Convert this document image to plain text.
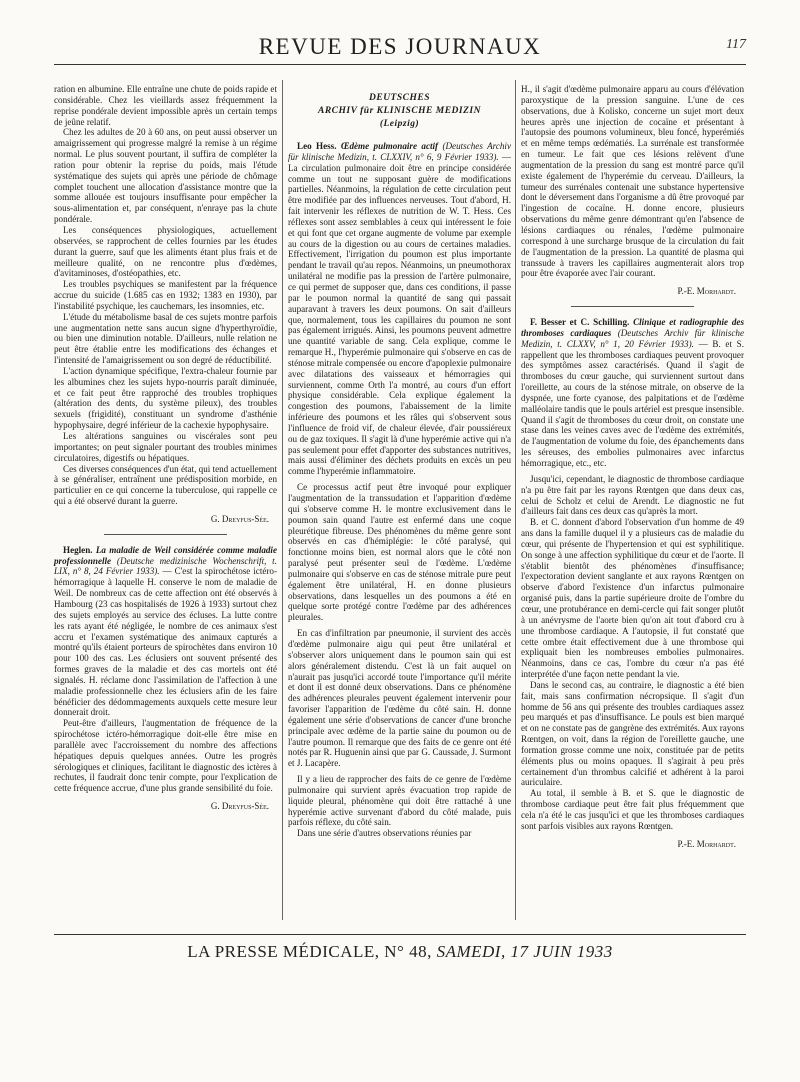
REVUE DES JOURNAUX	117

ration en albumine. Elle entraîne une chute de poids rapide et considérable. Chez les vieillards assez fréquemment la reprise pondérale devient impossible après un certain temps de jeûne relatif.

Chez les adultes de 20 à 60 ans, on peut aussi observer un amaigrissement qui progresse malgré la remise à un régime normal. Le plus souvent pourtant, il suffira de compléter la ration pour obtenir la reprise du poids, mais l'étude systématique des sujets qui après une période de chômage complet touchent une allocation d'assistance montre que la somme allouée est toujours insuffisante pour empêcher la sous-alimentation et, par conséquent, n'enraye pas la chute pondérale.

Les conséquences physiologiques, actuellement observées, se rapprochent de celles fournies par les études durant la guerre, sauf que les aliments étant plus frais et de meilleure qualité, on ne rencontre plus d'œdèmes, d'avitaminoses, d'ostéopathies, etc.

Les troubles psychiques se manifestent par la fréquence accrue du suicide (1.685 cas en 1932; 1383 en 1930), par l'instabilité psychique, les cauchemars, les insomnies, etc.

L'étude du métabolisme basal de ces sujets montre parfois une augmentation nette sans aucun signe d'hyperthyroïdie, ou bien une diminution notable. D'ailleurs, nulle relation ne peut être établie entre les modifications des échanges et l'intensité de l'amaigrissement ou son degré de réductibilité.

L'action dynamique spécifique, l'extra-chaleur fournie par les albumines chez les sujets hypo-nourris paraît diminuée, et ce fait peut être rapproché des troubles trophiques (altération des dents, du système pileux), des troubles sexuels (frigidité), constituant un syndrome d'asthénie hypophysaire, degré inférieur de la cachexie hypophysaire.

Les altérations sanguines ou viscérales sont peu importantes; on peut signaler pourtant des troubles minimes circulatoires, digestifs ou hépatiques.

Ces diverses conséquences d'un état, qui tend actuellement à se généraliser, entraînent une prédisposition morbide, en particulier en ce qui concerne la tuberculose, qui rappelle ce qui a été observé durant la guerre.

G. Dreyfus-Sée.

Heglen. La maladie de Weil considérée comme maladie professionnelle (Deutsche medizinische Wochenschrift, t. LIX, n° 8, 24 Février 1933). — C'est la spirochétose ictéro-hémorragique à laquelle H. conserve le nom de maladie de Weil. De nombreux cas de cette affection ont été observés à Hambourg (23 cas hospitalisés de 1926 à 1933) surtout chez des sujets employés au service des écluses. La lutte contre les rats ayant été négligée, le nombre de ces animaux s'est accru et l'examen systématique des animaux capturés a montré qu'ils étaient porteurs de spirochètes dans environ 10 pour 100 des cas. Les éclusiers ont souvent présenté des formes graves de la maladie et des cas mortels ont été signalés. H. réclame donc l'assimilation de l'affection à une maladie professionnelle chez les éclusiers afin de les faire bénéficier des dédommagements auxquels cette mesure leur donnerait droit.

Peut-être d'ailleurs, l'augmentation de fréquence de la spirochétose ictéro-hémorragique doit-elle être mise en parallèle avec l'accroissement du nombre des affections hépatiques depuis quelques années. Outre les progrès sérologiques et cliniques, facilitant le diagnostic des ictères à rechutes, il faudrait donc tenir compte, pour l'explication de cette fréquence accrue, d'une plus grande sensibilité du foie.

G. Dreyfus-Sée.
DEUTSCHES
ARCHIV für KLINISCHE MEDIZIN
(Leipzig)

Leo Hess. Œdème pulmonaire actif (Deutsches Archiv für klinische Medizin, t. CLXXIV, n° 6, 9 Février 1933). — La circulation pulmonaire doit être en principe considérée comme un tout ne supposant guère de modifications partielles. Néanmoins, la régulation de cette circulation peut être modifiée par des influences nerveuses. Tout d'abord, H. fait intervenir les réflexes de nutrition de W. T. Hess. Ces réflexes sont assez semblables à ceux qui intéressent le foie et qui font que cet organe augmente de volume par exemple au cours de la digestion ou au cours de certaines maladies. Effectivement, l'irrigation du poumon est plus importante pendant le travail qu'au repos. Néanmoins, un pneumothorax unilatéral ne modifie pas la pression de l'artère pulmonaire, ce qui permet de supposer que, dans ces conditions, il passe par le poumon normal la quantité de sang qui passait auparavant à travers les deux poumons. On sait d'ailleurs que, normalement, tous les capillaires du poumon ne sont pas également irrigués. Ainsi, les poumons peuvent admettre une quantité variable de sang. Cela explique, comme le remarque H., l'hyperémie pulmonaire qui s'observe en cas de sténose mitrale compensée ou encore d'apoplexie pulmonaire avec dilatations des vaisseaux et hémorragies qui surviennent, comme Orth l'a montré, au cours d'un effort physique considérable. Cela explique également la congestion des poumons, l'abaissement de la limite inférieure des poumons et les râles qui s'observent sous l'influence de froid vif, de chaleur élevée, d'air poussiéreux ou de gaz toxiques. Il s'agit là d'une hyperémie active qui n'a pas seulement pour effet d'apporter des substances nutritives, mais aussi d'éliminer des déchets produits en excès un peu comme l'hyperémie inflammatoire.

Ce processus actif peut être invoqué pour expliquer l'augmentation de la transsudation et l'apparition d'œdème qui s'observe comme H. le montre exclusivement dans le poumon sain quand l'autre est enfermé dans une coque pleurétique fibreuse. Des phénomènes du même genre sont observés en cas d'hémiplégie: le côté paralysé, qui fonctionne moins bien, est normal alors que le côté non paralysé peut présenter seul de l'œdème. L'œdème pulmonaire qui s'observe en cas de sténose mitrale pure peut également être unilatéral, H. en donne plusieurs observations, dans lesquelles un des poumons a été en quelque sorte protégé contre l'œdème par des adhérences pleurales.

En cas d'infiltration par pneumonie, il survient des accès d'œdème pulmonaire aigu qui peut être unilatéral et s'observer alors uniquement dans le poumon sain qui est alors généralement distendu. C'est là un fait auquel on n'aurait pas jusqu'ici accordé toute l'importance qu'il mérite et dont il est donné deux observations. Dans ce phénomène des adhérences pleurales peuvent également intervenir pour favoriser l'apparition de l'œdème du côté sain. H. donne également une série d'observations de cancer d'une bronche principale avec œdème de la partie saine du poumon ou de l'autre poumon. Il remarque que des faits de ce genre ont été notés par R. Huguenin ainsi que par G. Caussade, J. Surmont et J. Lacapère.

Il y a lieu de rapprocher des faits de ce genre de l'œdème pulmonaire qui survient après évacuation trop rapide de liquide pleural, phénomène qui doit être rattaché à une hyperémie active survenant d'abord du côté malade, puis parfois réflexe, du côté sain.

Dans une série d'autres observations réunies par

H., il s'agit d'œdème pulmonaire apparu au cours d'élévation paroxystique de la pression sanguine. L'une de ces observations, due à Kolisko, concerne un sujet mort deux heures après une injection de cocaïne et présentant à l'autopsie des poumons volumineux, bleu foncé, hyperémiés et en même temps œdématiés. La surrénale est transformée en tumeur. Le fait que ces lésions relèvent d'une augmentation de la pression du sang est montré parce qu'il existe également de l'hyperémie du cerveau. D'ailleurs, la tumeur des surrénales contenait une substance hypertensive dont le déversement dans l'organisme a dû être provoqué par l'ingestion de cocaïne. H. donne encore, plusieurs observations du même genre démontrant qu'en l'absence de lésions cardiaques ou rénales, l'œdème pulmonaire correspond à une surcharge brusque de la circulation du fait de l'augmentation de la pression. La quantité de plasma qui transsude à travers les capillaires augmenterait alors trop pour être évaporée avec l'air courant.

P.-E. Morhardt.

F. Besser et C. Schilling. Clinique et radiographie des thromboses cardiaques (Deutsches Archiv für klinische Medizin, t. CLXXV, n° 1, 20 Février 1933). — B. et S. rappellent que les thromboses cardiaques peuvent provoquer des symptômes assez caractérisés. Quand il s'agit de thromboses du cœur gauche, qui surviennent surtout dans l'oreillette, au cours de la sténose mitrale, on observe de la dyspnée, une forte cyanose, des palpitations et de l'œdème malléolaire tandis que le pouls artériel est presque insensible. Quand il s'agit de thromboses du cœur droit, on constate une stase dans les veines caves avec de l'œdème des extrémités, de l'augmentation de volume du foie, des épanchements dans les séreuses, des embolies pulmonaires avec infarctus hémorragique, etc., etc.

Jusqu'ici, cependant, le diagnostic de thrombose cardiaque n'a pu être fait par les rayons Rœntgen que dans deux cas, celui de Scholz et celui de Arendt. Le diagnostic ne fut d'ailleurs fait dans ces deux cas qu'après la mort.

B. et C. donnent d'abord l'observation d'un homme de 49 ans dans la famille duquel il y a plusieurs cas de maladie du cœur, qui présente de l'hypertension et qui est syphilitique. On songe à une affection syphilitique du cœur et de l'aorte. Il s'établit bientôt des phénomènes d'insuffisance; l'expectoration devient sanglante et aux rayons Rœntgen on observe d'abord l'existence d'un infarctus pulmonaire organisé puis, dans la partie supérieure droite de l'ombre du cœur, une protubérance en demi-cercle qui fait songer plutôt à un anévrysme de l'aorte bien qu'on ait tout d'abord cru à une thrombose cardiaque. A l'autopsie, il fut constaté que cette ombre était effectivement due à une thrombose qui expliquait bien les nombreuses embolies pulmonaires. Néanmoins, dans ce cas, l'ombre du cœur n'a pas été interprétée d'une façon nette pendant la vie.

Dans le second cas, au contraire, le diagnostic a été bien fait, mais sans confirmation nécropsique. Il s'agit d'un homme de 56 ans qui présente des troubles cardiaques assez peu marqués et pas d'insuffisance. Le pouls est bien marqué et on ne constate pas de gangrène des extrémités. Aux rayons Rœntgen, on voit, dans la région de l'oreillette gauche, une formation grosse comme une noix, constituée par de petits éléments plus ou moins opaques. Il s'agirait à peu près certainement d'un thrombus calcifié et adhérent à la paroi auriculaire.

Au total, il semble à B. et S. que le diagnostic de thrombose cardiaque peut être fait plus fréquemment que cela n'a été le cas jusqu'ici et que les thromboses cardiaques sont parfois visibles aux rayons Rœntgen.

P.-E. Morhardt.
LA PRESSE MÉDICALE, N° 48, SAMEDI, 17 JUIN 1933
